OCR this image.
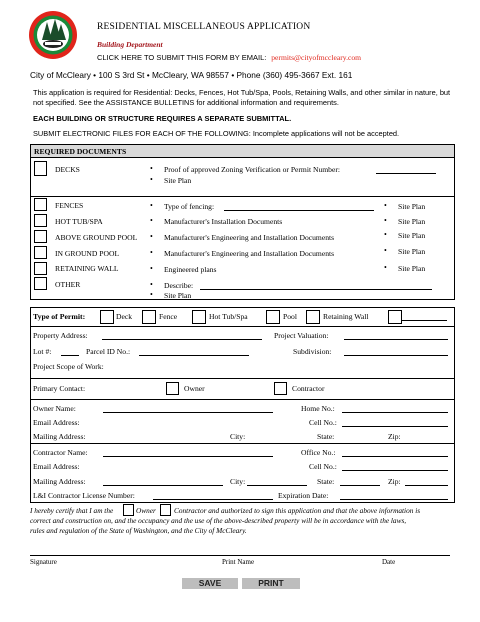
RESIDENTIAL MISCELLANEOUS APPLICATION
Building Department
CLICK HERE TO SUBMIT THIS FORM BY EMAIL: permits@cityofmccleary.com
City of McCleary • 100 S 3rd St • McCleary, WA 98557 • Phone (360) 495-3667 Ext. 161
This application is required for Residential: Decks, Fences, Hot Tub/Spa, Pools, Retaining Walls, and other similar in nature, but not specified. See the ASSISTANCE BULLETINS for additional information and requirements.
EACH BUILDING OR STRUCTURE REQUIRES A SEPARATE SUBMITTAL.
SUBMIT ELECTRONIC FILES FOR EACH OF THE FOLLOWING: Incomplete applications will not be accepted.
REQUIRED DOCUMENTS
DECKS	• Proof of approved Zoning Verification or Permit Number:
• Site Plan
FENCES	• Type of fencing:	• Site Plan
HOT TUB/SPA	• Manufacturer's Installation Documents	• Site Plan
ABOVE GROUND POOL • Manufacturer's Engineering and Installation Documents	• Site Plan
IN GROUND POOL	• Manufacturer's Engineering and Installation Documents	• Site Plan
RETAINING WALL	• Engineered plans	• Site Plan
OTHER	• Describe:
• Site Plan
Type of Permit:	Deck	Fence	Hot Tub/Spa	Pool	Retaining Wall
Property Address:	Project Valuation:
Lot #:	Parcel ID No.:	Subdivision:
Project Scope of Work:
Primary Contact:	Owner	Contractor
Owner Name:	Home No.:
Email Address:	Cell No.:
Mailing Address:	City:	State:	Zip:
Contractor Name:	Office No.:
Email Address:	Cell No.:
Mailing Address:	City:	State:	Zip:
L&I Contractor License Number:	Expiration Date:
I hereby certify that I am the	Owner Contractor and authorized to sign this application and that the above information is
correct and construction on, and the occupancy and the use of the above-described property will be in accordance with the laws,
rules and regulation of the State of Washington, and the City of McCleary.
Signature	Print Name	Date
SAVE	PRINT
